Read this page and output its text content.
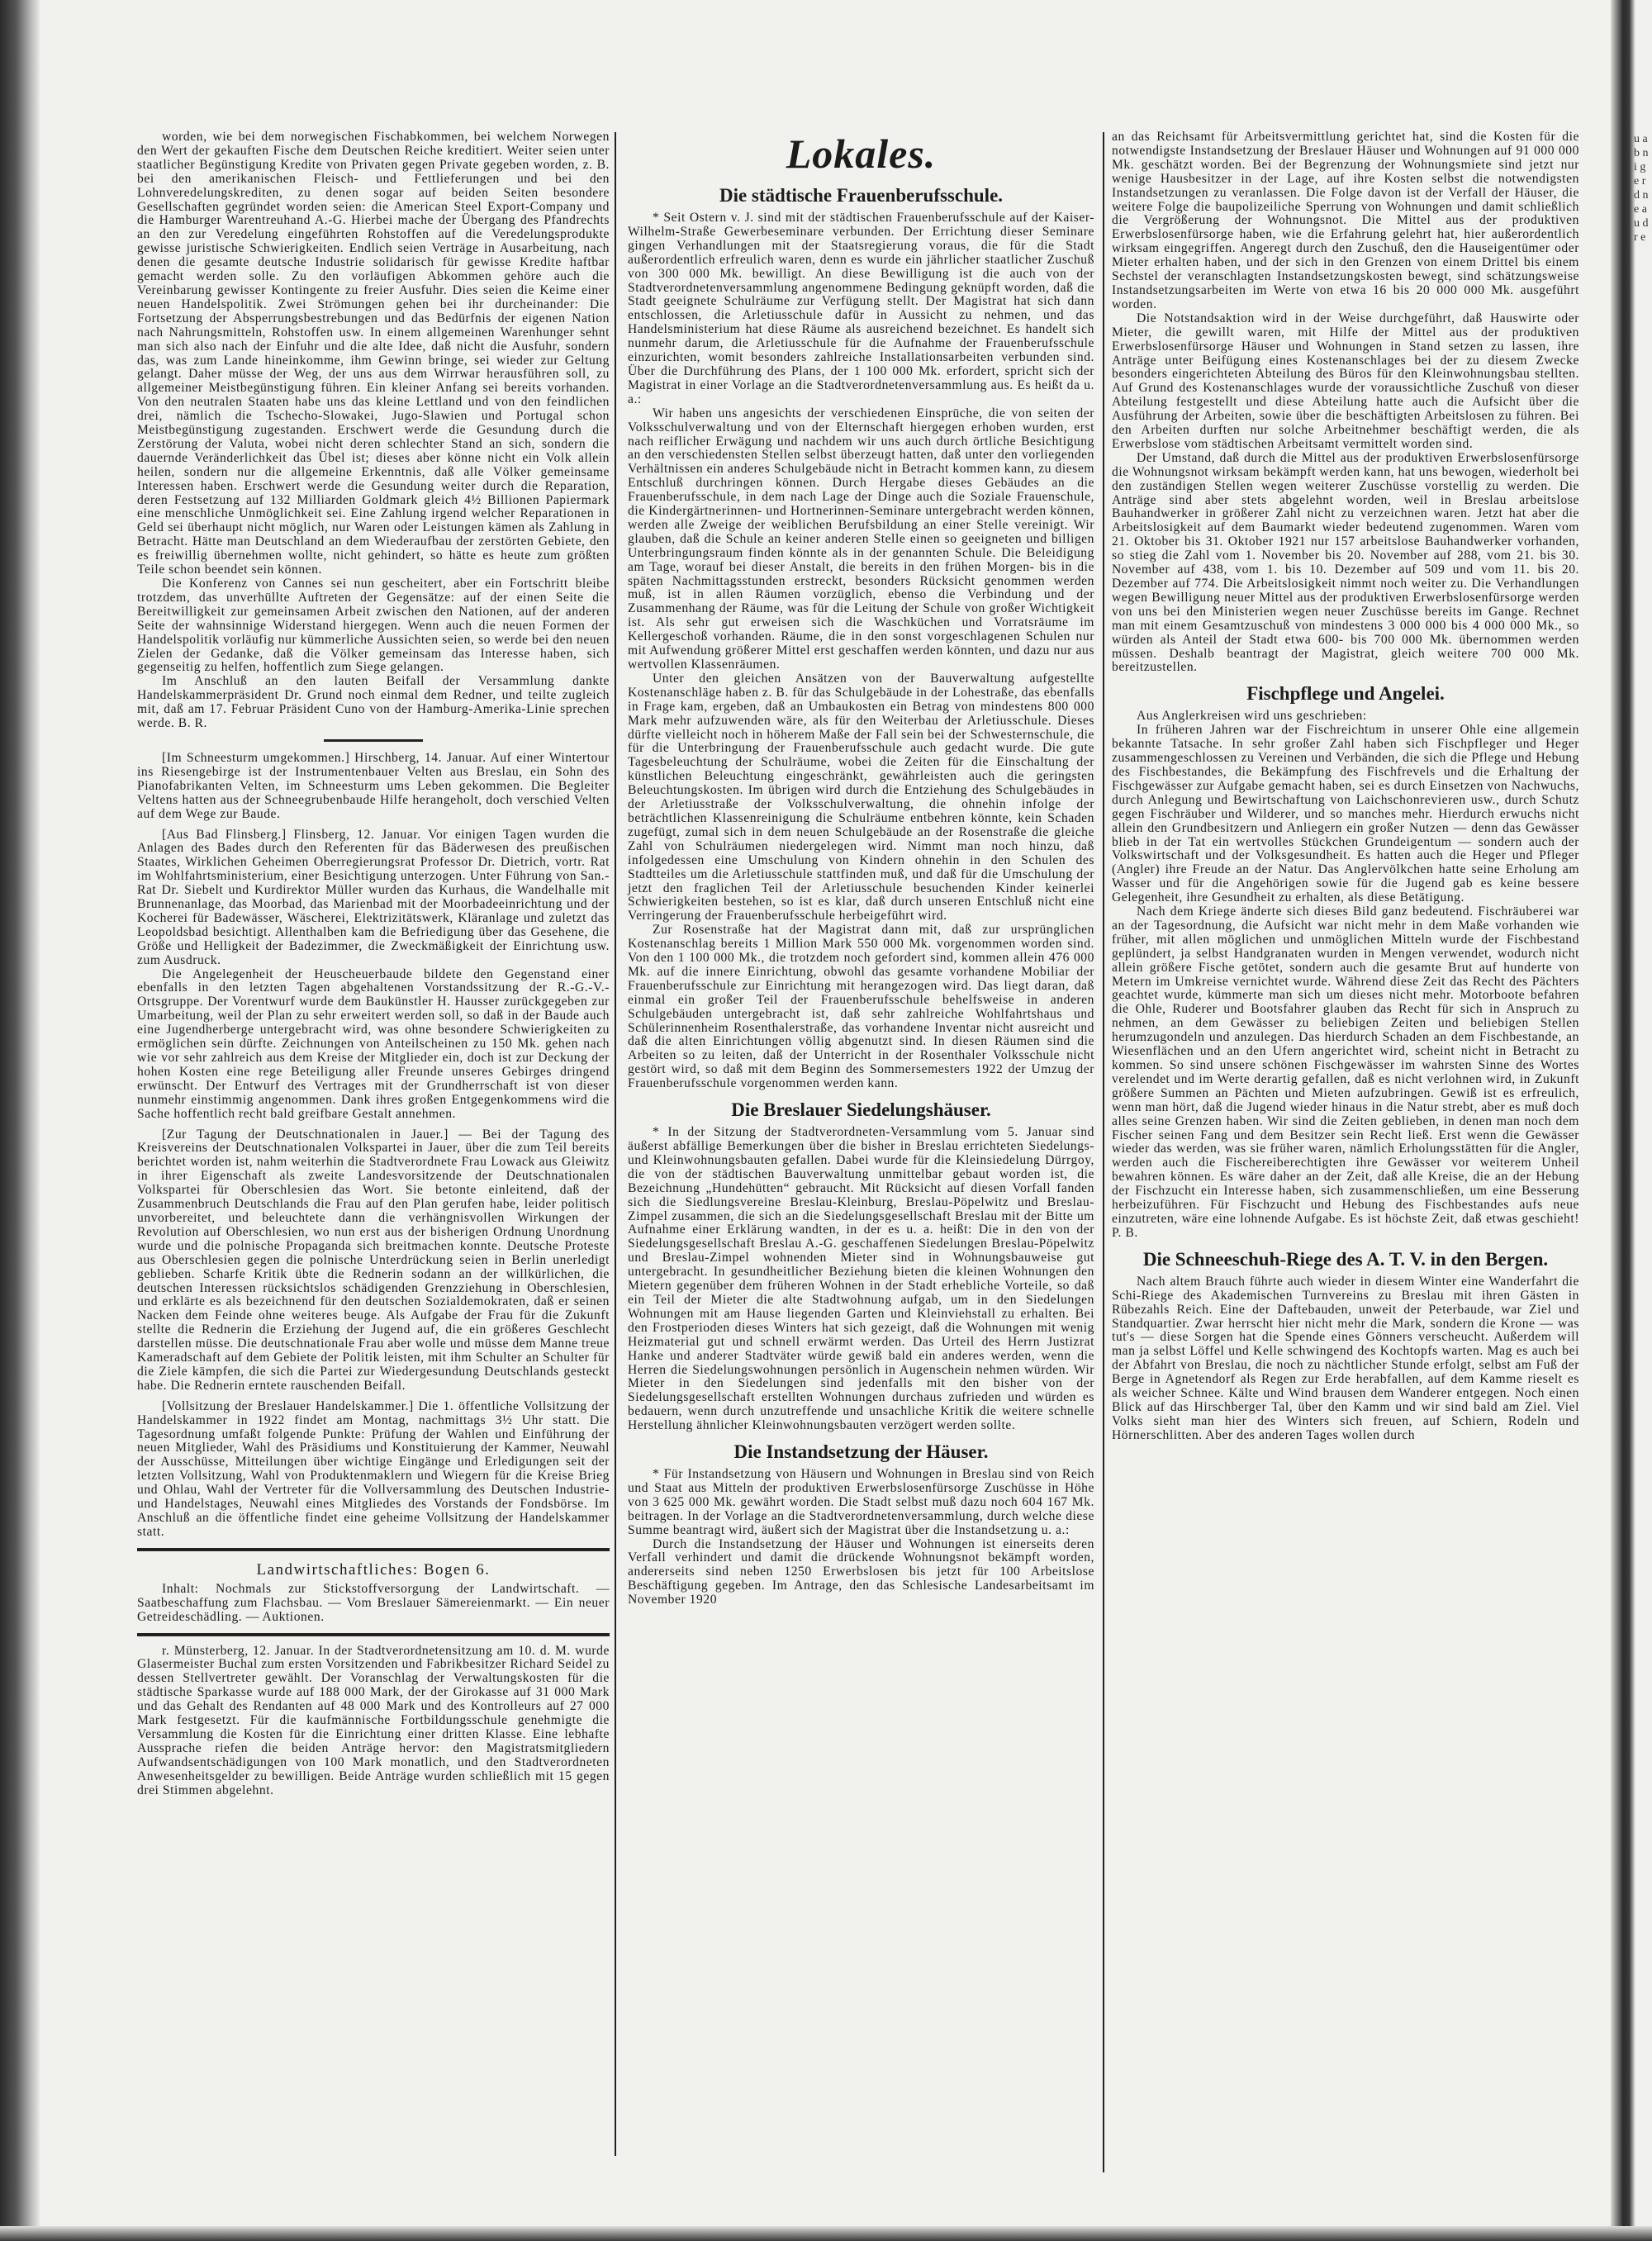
u a b n i g e r d n e a u d r e

worden, wie bei dem norwegischen Fischabkommen, bei welchem Norwegen den Wert der gekauften Fische dem Deutschen Reiche kreditiert. Weiter seien unter staatlicher Begünstigung Kredite von Privaten gegen Private gegeben worden, z. B. bei den amerikanischen Fleisch- und Fettlieferungen und bei den Lohnveredelungskrediten, zu denen sogar auf beiden Seiten besondere Gesellschaften gegründet worden seien: die American Steel Export-Company und die Hamburger Warentreuhand A.-G. Hierbei mache der Übergang des Pfandrechts an den zur Veredelung eingeführten Rohstoffen auf die Veredelungsprodukte gewisse juristische Schwierigkeiten. Endlich seien Verträge in Ausarbeitung, nach denen die gesamte deutsche Industrie solidarisch für gewisse Kredite haftbar gemacht werden solle. Zu den vorläufigen Abkommen gehöre auch die Vereinbarung gewisser Kontingente zu freier Ausfuhr. Dies seien die Keime einer neuen Handelspolitik. Zwei Strömungen gehen bei ihr durcheinander: Die Fortsetzung der Absperrungsbestrebungen und das Bedürfnis der eigenen Nation nach Nahrungsmitteln, Rohstoffen usw. In einem allgemeinen Warenhunger sehnt man sich also nach der Einfuhr und die alte Idee, daß nicht die Ausfuhr, sondern das, was zum Lande hineinkomme, ihm Gewinn bringe, sei wieder zur Geltung gelangt. Daher müsse der Weg, der uns aus dem Wirrwar herausführen soll, zu allgemeiner Meistbegünstigung führen. Ein kleiner Anfang sei bereits vorhanden. Von den neutralen Staaten habe uns das kleine Lettland und von den feindlichen drei, nämlich die Tschecho-Slowakei, Jugo-Slawien und Portugal schon Meistbegünstigung zugestanden. Erschwert werde die Gesundung durch die Zerstörung der Valuta, wobei nicht deren schlechter Stand an sich, sondern die dauernde Veränderlichkeit das Übel ist; dieses aber könne nicht ein Volk allein heilen, sondern nur die allgemeine Erkenntnis, daß alle Völker gemeinsame Interessen haben. Erschwert werde die Gesundung weiter durch die Reparation, deren Festsetzung auf 132 Milliarden Goldmark gleich 4½ Billionen Papiermark eine menschliche Unmöglichkeit sei. Eine Zahlung irgend welcher Reparationen in Geld sei überhaupt nicht möglich, nur Waren oder Leistungen kämen als Zahlung in Betracht. Hätte man Deutschland an dem Wiederaufbau der zerstörten Gebiete, den es freiwillig übernehmen wollte, nicht gehindert, so hätte es heute zum größten Teile schon beendet sein können.

Die Konferenz von Cannes sei nun gescheitert, aber ein Fortschritt bleibe trotzdem, das unverhüllte Auftreten der Gegensätze: auf der einen Seite die Bereitwilligkeit zur gemeinsamen Arbeit zwischen den Nationen, auf der anderen Seite der wahnsinnige Widerstand hiergegen. Wenn auch die neuen Formen der Handelspolitik vorläufig nur kümmerliche Aussichten seien, so werde bei den neuen Zielen der Gedanke, daß die Völker gemeinsam das Interesse haben, sich gegenseitig zu helfen, hoffentlich zum Siege gelangen.

Im Anschluß an den lauten Beifall der Versammlung dankte Handelskammerpräsident Dr. Grund noch einmal dem Redner, und teilte zugleich mit, daß am 17. Februar Präsident Cuno von der Hamburg-Amerika-Linie sprechen werde. B. R.

[Im Schneesturm umgekommen.] Hirschberg, 14. Januar. Auf einer Wintertour ins Riesengebirge ist der Instrumentenbauer Velten aus Breslau, ein Sohn des Pianofabrikanten Velten, im Schneesturm ums Leben gekommen. Die Begleiter Veltens hatten aus der Schneegrubenbaude Hilfe herangeholt, doch verschied Velten auf dem Wege zur Baude.

[Aus Bad Flinsberg.] Flinsberg, 12. Januar. Vor einigen Tagen wurden die Anlagen des Bades durch den Referenten für das Bäderwesen des preußischen Staates, Wirklichen Geheimen Oberregierungsrat Professor Dr. Dietrich, vortr. Rat im Wohlfahrtsministerium, einer Besichtigung unterzogen. Unter Führung von San.-Rat Dr. Siebelt und Kurdirektor Müller wurden das Kurhaus, die Wandelhalle mit Brunnenanlage, das Moorbad, das Marienbad mit der Moorbadeeinrichtung und der Kocherei für Badewässer, Wäscherei, Elektrizitätswerk, Kläranlage und zuletzt das Leopoldsbad besichtigt. Allenthalben kam die Befriedigung über das Gesehene, die Größe und Helligkeit der Badezimmer, die Zweckmäßigkeit der Einrichtung usw. zum Ausdruck.

Die Angelegenheit der Heuscheuerbaude bildete den Gegenstand einer ebenfalls in den letzten Tagen abgehaltenen Vorstandssitzung der R.-G.-V.-Ortsgruppe. Der Vorentwurf wurde dem Baukünstler H. Hausser zurückgegeben zur Umarbeitung, weil der Plan zu sehr erweitert werden soll, so daß in der Baude auch eine Jugendherberge untergebracht wird, was ohne besondere Schwierigkeiten zu ermöglichen sein dürfte. Zeichnungen von Anteilscheinen zu 150 Mk. gehen nach wie vor sehr zahlreich aus dem Kreise der Mitglieder ein, doch ist zur Deckung der hohen Kosten eine rege Beteiligung aller Freunde unseres Gebirges dringend erwünscht. Der Entwurf des Vertrages mit der Grundherrschaft ist von dieser nunmehr einstimmig angenommen. Dank ihres großen Entgegenkommens wird die Sache hoffentlich recht bald greifbare Gestalt annehmen.

[Zur Tagung der Deutschnationalen in Jauer.] — Bei der Tagung des Kreisvereins der Deutschnationalen Volkspartei in Jauer, über die zum Teil bereits berichtet worden ist, nahm weiterhin die Stadtverordnete Frau Lowack aus Gleiwitz in ihrer Eigenschaft als zweite Landesvorsitzende der Deutschnationalen Volkspartei für Oberschlesien das Wort. Sie betonte einleitend, daß der Zusammenbruch Deutschlands die Frau auf den Plan gerufen habe, leider politisch unvorbereitet, und beleuchtete dann die verhängnisvollen Wirkungen der Revolution auf Oberschlesien, wo nun erst aus der bisherigen Ordnung Unordnung wurde und die polnische Propaganda sich breitmachen konnte. Deutsche Proteste aus Oberschlesien gegen die polnische Unterdrückung seien in Berlin unerledigt geblieben. Scharfe Kritik übte die Rednerin sodann an der willkürlichen, die deutschen Interessen rücksichtslos schädigenden Grenzziehung in Oberschlesien, und erklärte es als bezeichnend für den deutschen Sozialdemokraten, daß er seinen Nacken dem Feinde ohne weiteres beuge. Als Aufgabe der Frau für die Zukunft stellte die Rednerin die Erziehung der Jugend auf, die ein größeres Geschlecht darstellen müsse. Die deutschnationale Frau aber wolle und müsse dem Manne treue Kameradschaft auf dem Gebiete der Politik leisten, mit ihm Schulter an Schulter für die Ziele kämpfen, die sich die Partei zur Wiedergesundung Deutschlands gesteckt habe. Die Rednerin erntete rauschenden Beifall.

[Vollsitzung der Breslauer Handelskammer.] Die 1. öffentliche Vollsitzung der Handelskammer in 1922 findet am Montag, nachmittags 3½ Uhr statt. Die Tagesordnung umfaßt folgende Punkte: Prüfung der Wahlen und Einführung der neuen Mitglieder, Wahl des Präsidiums und Konstituierung der Kammer, Neuwahl der Ausschüsse, Mitteilungen über wichtige Eingänge und Erledigungen seit der letzten Vollsitzung, Wahl von Produktenmaklern und Wiegern für die Kreise Brieg und Ohlau, Wahl der Vertreter für die Vollversammlung des Deutschen Industrie- und Handelstages, Neuwahl eines Mitgliedes des Vorstands der Fondsbörse. Im Anschluß an die öffentliche findet eine geheime Vollsitzung der Handelskammer statt.

Landwirtschaftliches: Bogen 6.

Inhalt: Nochmals zur Stickstoffversorgung der Landwirtschaft. — Saatbeschaffung zum Flachsbau. — Vom Breslauer Sämereienmarkt. — Ein neuer Getreideschädling. — Auktionen.

r. Münsterberg, 12. Januar. In der Stadtverordnetensitzung am 10. d. M. wurde Glasermeister Buchal zum ersten Vorsitzenden und Fabrikbesitzer Richard Seidel zu dessen Stellvertreter gewählt. Der Voranschlag der Verwaltungskosten für die städtische Sparkasse wurde auf 188 000 Mark, der der Girokasse auf 31 000 Mark und das Gehalt des Rendanten auf 48 000 Mark und des Kontrolleurs auf 27 000 Mark festgesetzt. Für die kaufmännische Fortbildungsschule genehmigte die Versammlung die Kosten für die Einrichtung einer dritten Klasse. Eine lebhafte Aussprache riefen die beiden Anträge hervor: den Magistratsmitgliedern Aufwandsentschädigungen von 100 Mark monatlich, und den Stadtverordneten Anwesenheitsgelder zu bewilligen. Beide Anträge wurden schließlich mit 15 gegen drei Stimmen abgelehnt.

Lokales.
Die städtische Frauenberufsschule.

* Seit Ostern v. J. sind mit der städtischen Frauenberufsschule auf der Kaiser-Wilhelm-Straße Gewerbeseminare verbunden. Der Errichtung dieser Seminare gingen Verhandlungen mit der Staatsregierung voraus, die für die Stadt außerordentlich erfreulich waren, denn es wurde ein jährlicher staatlicher Zuschuß von 300 000 Mk. bewilligt. An diese Bewilligung ist die auch von der Stadtverordnetenversammlung angenommene Bedingung geknüpft worden, daß die Stadt geeignete Schulräume zur Verfügung stellt. Der Magistrat hat sich dann entschlossen, die Arletiusschule dafür in Aussicht zu nehmen, und das Handelsministerium hat diese Räume als ausreichend bezeichnet. Es handelt sich nunmehr darum, die Arletiusschule für die Aufnahme der Frauenberufsschule einzurichten, womit besonders zahlreiche Installationsarbeiten verbunden sind. Über die Durchführung des Plans, der 1 100 000 Mk. erfordert, spricht sich der Magistrat in einer Vorlage an die Stadtverordnetenversammlung aus. Es heißt da u. a.:

Wir haben uns angesichts der verschiedenen Einsprüche, die von seiten der Volksschulverwaltung und von der Elternschaft hiergegen erhoben wurden, erst nach reiflicher Erwägung und nachdem wir uns auch durch örtliche Besichtigung an den verschiedensten Stellen selbst überzeugt hatten, daß unter den vorliegenden Verhältnissen ein anderes Schulgebäude nicht in Betracht kommen kann, zu diesem Entschluß durchringen können. Durch Hergabe dieses Gebäudes an die Frauenberufsschule, in dem nach Lage der Dinge auch die Soziale Frauenschule, die Kindergärtnerinnen- und Hortnerinnen-Seminare untergebracht werden können, werden alle Zweige der weiblichen Berufsbildung an einer Stelle vereinigt. Wir glauben, daß die Schule an keiner anderen Stelle einen so geeigneten und billigen Unterbringungsraum finden könnte als in der genannten Schule. Die Beleidigung am Tage, worauf bei dieser Anstalt, die bereits in den frühen Morgen- bis in die späten Nachmittagsstunden erstreckt, besonders Rücksicht genommen werden muß, ist in allen Räumen vorzüglich, ebenso die Verbindung und der Zusammenhang der Räume, was für die Leitung der Schule von großer Wichtigkeit ist. Als sehr gut erweisen sich die Waschküchen und Vorratsräume im Kellergeschoß vorhanden. Räume, die in den sonst vorgeschlagenen Schulen nur mit Aufwendung größerer Mittel erst geschaffen werden könnten, und dazu nur aus wertvollen Klassenräumen.

Unter den gleichen Ansätzen von der Bauverwaltung aufgestellte Kostenanschläge haben z. B. für das Schulgebäude in der Lohestraße, das ebenfalls in Frage kam, ergeben, daß an Umbaukosten ein Betrag von mindestens 800 000 Mark mehr aufzuwenden wäre, als für den Weiterbau der Arletiusschule. Dieses dürfte vielleicht noch in höherem Maße der Fall sein bei der Schwesternschule, die für die Unterbringung der Frauenberufsschule auch gedacht wurde. Die gute Tagesbeleuchtung der Schulräume, wobei die Zeiten für die Einschaltung der künstlichen Beleuchtung eingeschränkt, gewährleisten auch die geringsten Beleuchtungskosten. Im übrigen wird durch die Entziehung des Schulgebäudes in der Arletiusstraße der Volksschulverwaltung, die ohnehin infolge der beträchtlichen Klassenreinigung die Schulräume entbehren könnte, kein Schaden zugefügt, zumal sich in dem neuen Schulgebäude an der Rosenstraße die gleiche Zahl von Schulräumen niedergelegen wird. Nimmt man noch hinzu, daß infolgedessen eine Umschulung von Kindern ohnehin in den Schulen des Stadtteiles um die Arletiusschule stattfinden muß, und daß für die Umschulung der jetzt den fraglichen Teil der Arletiusschule besuchenden Kinder keinerlei Schwierigkeiten bestehen, so ist es klar, daß durch unseren Entschluß nicht eine Verringerung der Frauenberufsschule herbeigeführt wird.

Zur Rosenstraße hat der Magistrat dann mit, daß zur ursprünglichen Kostenanschlag bereits 1 Million Mark 550 000 Mk. vorgenommen worden sind. Von den 1 100 000 Mk., die trotzdem noch gefordert sind, kommen allein 476 000 Mk. auf die innere Einrichtung, obwohl das gesamte vorhandene Mobiliar der Frauenberufsschule zur Einrichtung mit herangezogen wird. Das liegt daran, daß einmal ein großer Teil der Frauenberufsschule behelfsweise in anderen Schulgebäuden untergebracht ist, daß sehr zahlreiche Wohlfahrtshaus und Schülerinnenheim Rosenthalerstraße, das vorhandene Inventar nicht ausreicht und daß die alten Einrichtungen völlig abgenutzt sind. In diesen Räumen sind die Arbeiten so zu leiten, daß der Unterricht in der Rosenthaler Volksschule nicht gestört wird, so daß mit dem Beginn des Sommersemesters 1922 der Umzug der Frauenberufsschule vorgenommen werden kann.

Die Breslauer Siedelungshäuser.

* In der Sitzung der Stadtverordneten-Versammlung vom 5. Januar sind äußerst abfällige Bemerkungen über die bisher in Breslau errichteten Siedelungs- und Kleinwohnungsbauten gefallen. Dabei wurde für die Kleinsiedelung Dürrgoy, die von der städtischen Bauverwaltung unmittelbar gebaut worden ist, die Bezeichnung „Hundehütten“ gebraucht. Mit Rücksicht auf diesen Vorfall fanden sich die Siedlungsvereine Breslau-Kleinburg, Breslau-Pöpelwitz und Breslau-Zimpel zusammen, die sich an die Siedelungsgesellschaft Breslau mit der Bitte um Aufnahme einer Erklärung wandten, in der es u. a. heißt: Die in den von der Siedelungsgesellschaft Breslau A.-G. geschaffenen Siedelungen Breslau-Pöpelwitz und Breslau-Zimpel wohnenden Mieter sind in Wohnungsbauweise gut untergebracht. In gesundheitlicher Beziehung bieten die kleinen Wohnungen den Mietern gegenüber dem früheren Wohnen in der Stadt erhebliche Vorteile, so daß ein Teil der Mieter die alte Stadtwohnung aufgab, um in den Siedelungen Wohnungen mit am Hause liegenden Garten und Kleinviehstall zu erhalten. Bei den Frostperioden dieses Winters hat sich gezeigt, daß die Wohnungen mit wenig Heizmaterial gut und schnell erwärmt werden. Das Urteil des Herrn Justizrat Hanke und anderer Stadtväter würde gewiß bald ein anderes werden, wenn die Herren die Siedelungswohnungen persönlich in Augenschein nehmen würden. Wir Mieter in den Siedelungen sind jedenfalls mit den bisher von der Siedelungsgesellschaft erstellten Wohnungen durchaus zufrieden und würden es bedauern, wenn durch unzutreffende und unsachliche Kritik die weitere schnelle Herstellung ähnlicher Kleinwohnungsbauten verzögert werden sollte.

Die Instandsetzung der Häuser.

* Für Instandsetzung von Häusern und Wohnungen in Breslau sind von Reich und Staat aus Mitteln der produktiven Erwerbslosenfürsorge Zuschüsse in Höhe von 3 625 000 Mk. gewährt worden. Die Stadt selbst muß dazu noch 604 167 Mk. beitragen. In der Vorlage an die Stadtverordnetenversammlung, durch welche diese Summe beantragt wird, äußert sich der Magistrat über die Instandsetzung u. a.:

Durch die Instandsetzung der Häuser und Wohnungen ist einerseits deren Verfall verhindert und damit die drückende Wohnungsnot bekämpft worden, andererseits sind neben 1250 Erwerbslosen bis jetzt für 100 Arbeitslose Beschäftigung gegeben. Im Antrage, den das Schlesische Landesarbeitsamt im November 1920

an das Reichsamt für Arbeitsvermittlung gerichtet hat, sind die Kosten für die notwendigste Instandsetzung der Breslauer Häuser und Wohnungen auf 91 000 000 Mk. geschätzt worden. Bei der Begrenzung der Wohnungsmiete sind jetzt nur wenige Hausbesitzer in der Lage, auf ihre Kosten selbst die notwendigsten Instandsetzungen zu veranlassen. Die Folge davon ist der Verfall der Häuser, die weitere Folge die baupolizeiliche Sperrung von Wohnungen und damit schließlich die Vergrößerung der Wohnungsnot. Die Mittel aus der produktiven Erwerbslosenfürsorge haben, wie die Erfahrung gelehrt hat, hier außerordentlich wirksam eingegriffen. Angeregt durch den Zuschuß, den die Hauseigentümer oder Mieter erhalten haben, und der sich in den Grenzen von einem Drittel bis einem Sechstel der veranschlagten Instandsetzungskosten bewegt, sind schätzungsweise Instandsetzungsarbeiten im Werte von etwa 16 bis 20 000 000 Mk. ausgeführt worden.

Die Notstandsaktion wird in der Weise durchgeführt, daß Hauswirte oder Mieter, die gewillt waren, mit Hilfe der Mittel aus der produktiven Erwerbslosenfürsorge Häuser und Wohnungen in Stand setzen zu lassen, ihre Anträge unter Beifügung eines Kostenanschlages bei der zu diesem Zwecke besonders eingerichteten Abteilung des Büros für den Kleinwohnungsbau stellten. Auf Grund des Kostenanschlages wurde der voraussichtliche Zuschuß von dieser Abteilung festgestellt und diese Abteilung hatte auch die Aufsicht über die Ausführung der Arbeiten, sowie über die beschäftigten Arbeitslosen zu führen. Bei den Arbeiten durften nur solche Arbeitnehmer beschäftigt werden, die als Erwerbslose vom städtischen Arbeitsamt vermittelt worden sind.

Der Umstand, daß durch die Mittel aus der produktiven Erwerbslosenfürsorge die Wohnungsnot wirksam bekämpft werden kann, hat uns bewogen, wiederholt bei den zuständigen Stellen wegen weiterer Zuschüsse vorstellig zu werden. Die Anträge sind aber stets abgelehnt worden, weil in Breslau arbeitslose Bauhandwerker in größerer Zahl nicht zu verzeichnen waren. Jetzt hat aber die Arbeitslosigkeit auf dem Baumarkt wieder bedeutend zugenommen. Waren vom 21. Oktober bis 31. Oktober 1921 nur 157 arbeitslose Bauhandwerker vorhanden, so stieg die Zahl vom 1. November bis 20. November auf 288, vom 21. bis 30. November auf 438, vom 1. bis 10. Dezember auf 509 und vom 11. bis 20. Dezember auf 774. Die Arbeitslosigkeit nimmt noch weiter zu. Die Verhandlungen wegen Bewilligung neuer Mittel aus der produktiven Erwerbslosenfürsorge werden von uns bei den Ministerien wegen neuer Zuschüsse bereits im Gange. Rechnet man mit einem Gesamtzuschuß von mindestens 3 000 000 bis 4 000 000 Mk., so würden als Anteil der Stadt etwa 600- bis 700 000 Mk. übernommen werden müssen. Deshalb beantragt der Magistrat, gleich weitere 700 000 Mk. bereitzustellen.

Fischpflege und Angelei.

Aus Anglerkreisen wird uns geschrieben:

In früheren Jahren war der Fischreichtum in unserer Ohle eine allgemein bekannte Tatsache. In sehr großer Zahl haben sich Fischpfleger und Heger zusammengeschlossen zu Vereinen und Verbänden, die sich die Pflege und Hebung des Fischbestandes, die Bekämpfung des Fischfrevels und die Erhaltung der Fischgewässer zur Aufgabe gemacht haben, sei es durch Einsetzen von Nachwuchs, durch Anlegung und Bewirtschaftung von Laichschonrevieren usw., durch Schutz gegen Fischräuber und Wilderer, und so manches mehr. Hierdurch erwuchs nicht allein den Grundbesitzern und Anliegern ein großer Nutzen — denn das Gewässer blieb in der Tat ein wertvolles Stückchen Grundeigentum — sondern auch der Volkswirtschaft und der Volksgesundheit. Es hatten auch die Heger und Pfleger (Angler) ihre Freude an der Natur. Das Anglervölkchen hatte seine Erholung am Wasser und für die Angehörigen sowie für die Jugend gab es keine bessere Gelegenheit, ihre Gesundheit zu erhalten, als diese Betätigung.

Nach dem Kriege änderte sich dieses Bild ganz bedeutend. Fischräuberei war an der Tagesordnung, die Aufsicht war nicht mehr in dem Maße vorhanden wie früher, mit allen möglichen und unmöglichen Mitteln wurde der Fischbestand geplündert, ja selbst Handgranaten wurden in Mengen verwendet, wodurch nicht allein größere Fische getötet, sondern auch die gesamte Brut auf hunderte von Metern im Umkreise vernichtet wurde. Während diese Zeit das Recht des Pächters geachtet wurde, kümmerte man sich um dieses nicht mehr. Motorboote befahren die Ohle, Ruderer und Bootsfahrer glauben das Recht für sich in Anspruch zu nehmen, an dem Gewässer zu beliebigen Zeiten und beliebigen Stellen herumzugondeln und anzulegen. Das hierdurch Schaden an dem Fischbestande, an Wiesenflächen und an den Ufern angerichtet wird, scheint nicht in Betracht zu kommen. So sind unsere schönen Fischgewässer im wahrsten Sinne des Wortes verelendet und im Werte derartig gefallen, daß es nicht verlohnen wird, in Zukunft größere Summen an Pächten und Mieten aufzubringen. Gewiß ist es erfreulich, wenn man hört, daß die Jugend wieder hinaus in die Natur strebt, aber es muß doch alles seine Grenzen haben. Wir sind die Zeiten geblieben, in denen man noch dem Fischer seinen Fang und dem Besitzer sein Recht ließ. Erst wenn die Gewässer wieder das werden, was sie früher waren, nämlich Erholungsstätten für die Angler, werden auch die Fischereiberechtigten ihre Gewässer vor weiterem Unheil bewahren können. Es wäre daher an der Zeit, daß alle Kreise, die an der Hebung der Fischzucht ein Interesse haben, sich zusammenschließen, um eine Besserung herbeizuführen. Für Fischzucht und Hebung des Fischbestandes aufs neue einzutreten, wäre eine lohnende Aufgabe. Es ist höchste Zeit, daß etwas geschieht! P. B.

Die Schneeschuh-Riege des A. T. V. in den Bergen.

Nach altem Brauch führte auch wieder in diesem Winter eine Wanderfahrt die Schi-Riege des Akademischen Turnvereins zu Breslau mit ihren Gästen in Rübezahls Reich. Eine der Daftebauden, unweit der Peterbaude, war Ziel und Standquartier. Zwar herrscht hier nicht mehr die Mark, sondern die Krone — was tut's — diese Sorgen hat die Spende eines Gönners verscheucht. Außerdem will man ja selbst Löffel und Kelle schwingend des Kochtopfs warten. Mag es auch bei der Abfahrt von Breslau, die noch zu nächtlicher Stunde erfolgt, selbst am Fuß der Berge in Agnetendorf als Regen zur Erde herabfallen, auf dem Kamme rieselt es als weicher Schnee. Kälte und Wind brausen dem Wanderer entgegen. Noch einen Blick auf das Hirschberger Tal, über den Kamm und wir sind bald am Ziel. Viel Volks sieht man hier des Winters sich freuen, auf Schiern, Rodeln und Hörnerschlitten. Aber des anderen Tages wollen durch
